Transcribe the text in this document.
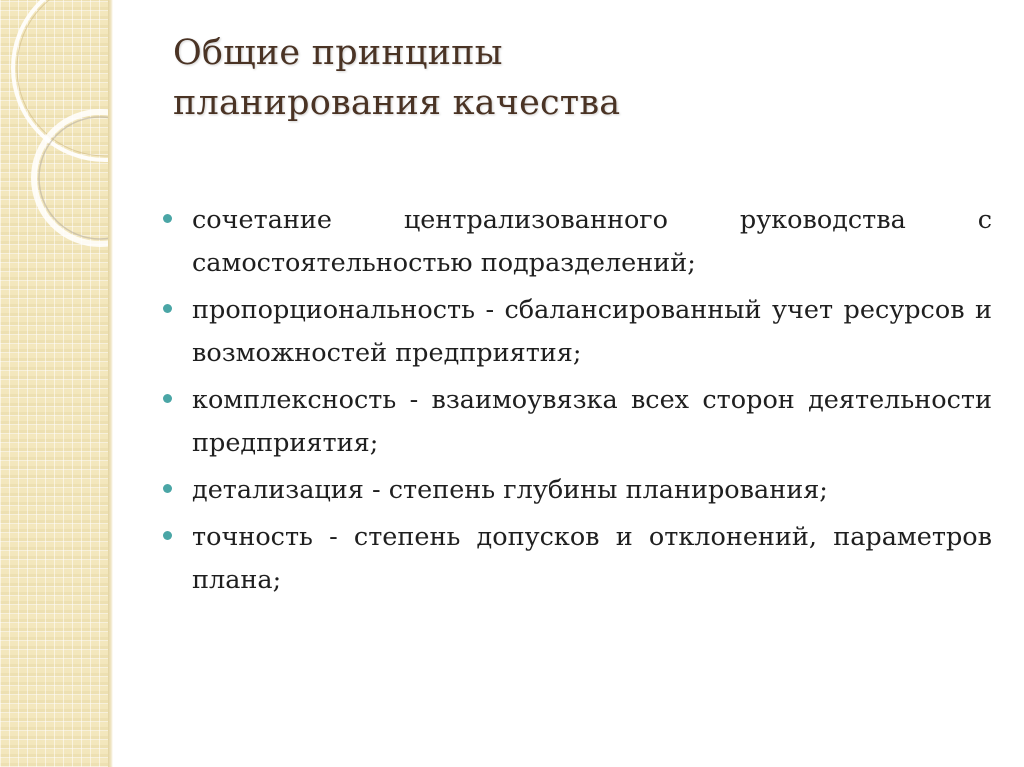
Общие принципы
планирования качества
сочетание централизованного руководства с самостоятельностью подразделений;
пропорциональность - сбалансированный учет ресурсов и возможностей предприятия;
комплексность - взаимоувязка всех сторон деятельности предприятия;
детализация - степень глубины планирования;
точность - степень допусков и отклонений, параметров плана;
